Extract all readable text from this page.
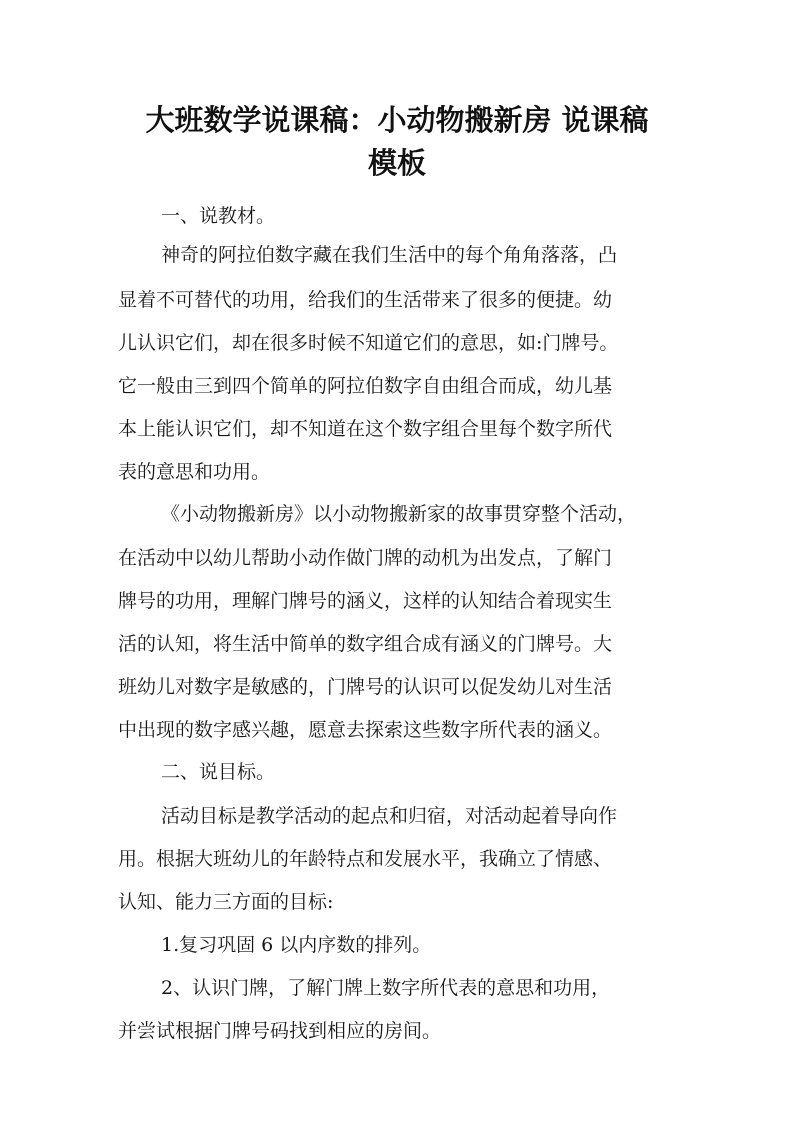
大班数学说课稿：小动物搬新房 说课稿
模板
一、说教材。
神奇的阿拉伯数字藏在我们生活中的每个角角落落，凸
显着不可替代的功用，给我们的生活带来了很多的便捷。幼
儿认识它们，却在很多时候不知道它们的意思，如:门牌号。
它一般由三到四个简单的阿拉伯数字自由组合而成，幼儿基
本上能认识它们，却不知道在这个数字组合里每个数字所代
表的意思和功用。
《小动物搬新房》以小动物搬新家的故事贯穿整个活动，
在活动中以幼儿帮助小动作做门牌的动机为出发点，了解门
牌号的功用，理解门牌号的涵义，这样的认知结合着现实生
活的认知，将生活中简单的数字组合成有涵义的门牌号。大
班幼儿对数字是敏感的，门牌号的认识可以促发幼儿对生活
中出现的数字感兴趣，愿意去探索这些数字所代表的涵义。
二、说目标。
活动目标是教学活动的起点和归宿，对活动起着导向作
用。根据大班幼儿的年龄特点和发展水平，我确立了情感、
认知、能力三方面的目标:
1.复习巩固 6 以内序数的排列。
2、认识门牌，了解门牌上数字所代表的意思和功用，
并尝试根据门牌号码找到相应的房间。
